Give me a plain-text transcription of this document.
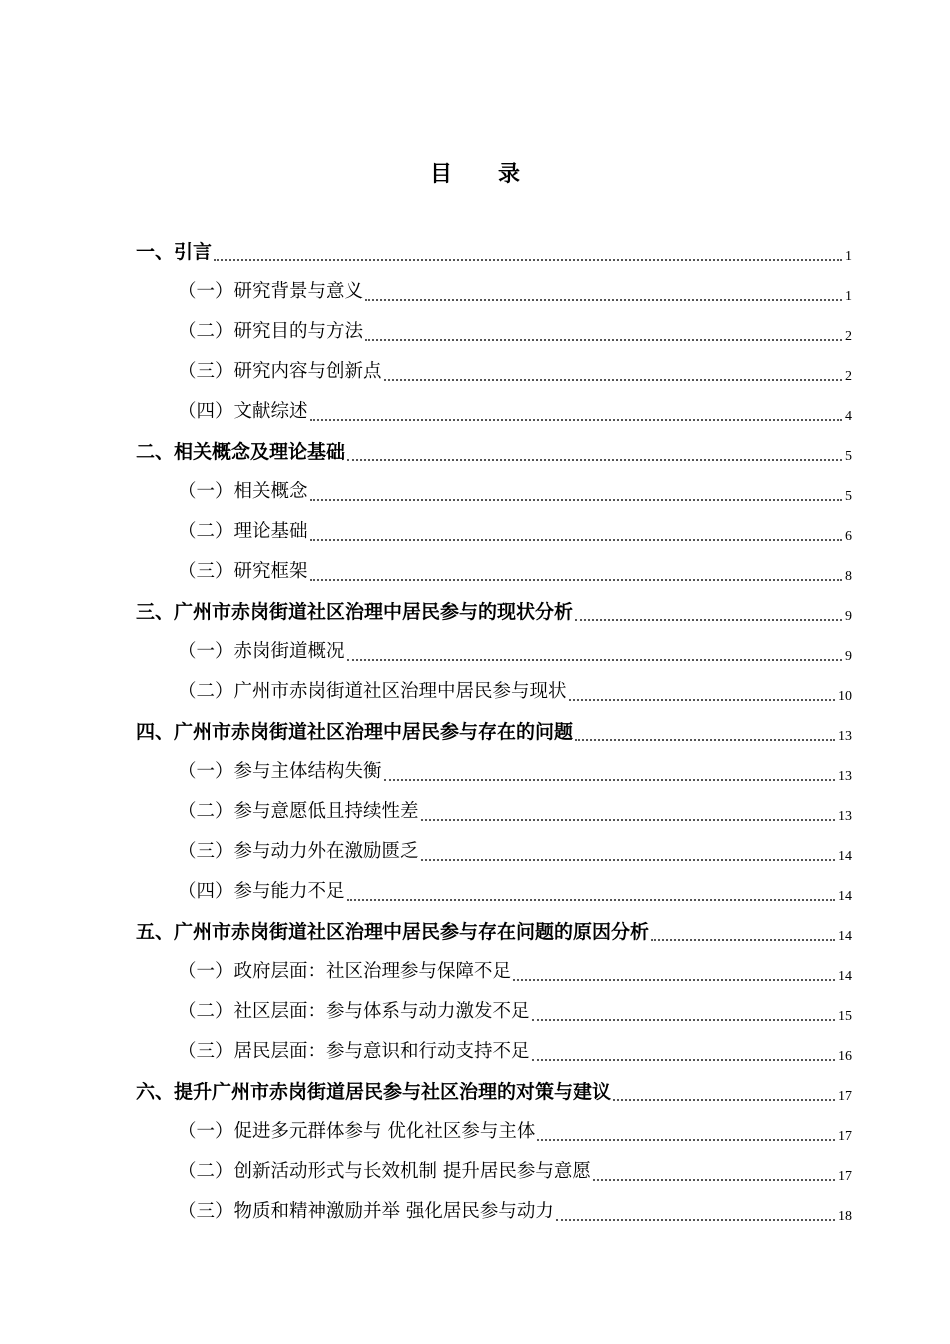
目 录
一、引言	1
（一）研究背景与意义	1
（二）研究目的与方法	2
（三）研究内容与创新点	2
（四）文献综述	4
二、相关概念及理论基础	5
（一）相关概念	5
（二）理论基础	6
（三）研究框架	8
三、广州市赤岗街道社区治理中居民参与的现状分析	9
（一）赤岗街道概况	9
（二）广州市赤岗街道社区治理中居民参与现状	10
四、广州市赤岗街道社区治理中居民参与存在的问题	13
（一）参与主体结构失衡	13
（二）参与意愿低且持续性差	13
（三）参与动力外在激励匮乏	14
（四）参与能力不足	14
五、广州市赤岗街道社区治理中居民参与存在问题的原因分析	14
（一）政府层面：社区治理参与保障不足	14
（二）社区层面：参与体系与动力激发不足	15
（三）居民层面：参与意识和行动支持不足	16
六、提升广州市赤岗街道居民参与社区治理的对策与建议	17
（一）促进多元群体参与 优化社区参与主体	17
（二）创新活动形式与长效机制 提升居民参与意愿	17
（三）物质和精神激励并举 强化居民参与动力	18
